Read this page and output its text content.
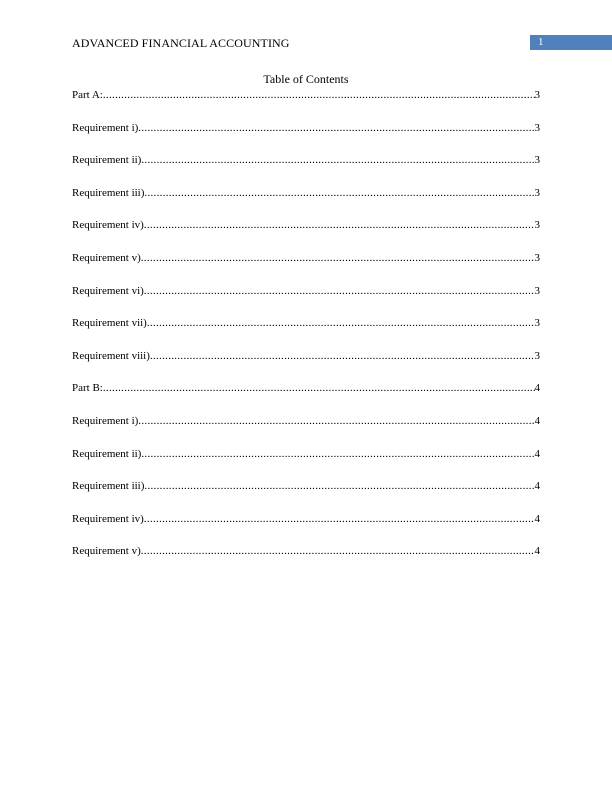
ADVANCED FINANCIAL ACCOUNTING	1
Table of Contents
Part A: .....	3
Requirement i) .....	3
Requirement ii) .....	3
Requirement iii) .....	3
Requirement iv) .....	3
Requirement v) .....	3
Requirement vi) .....	3
Requirement vii) .....	3
Requirement viii) .....	3
Part B: .....	4
Requirement i) .....	4
Requirement ii) .....	4
Requirement iii) .....	4
Requirement iv) .....	4
Requirement v) .....	4
